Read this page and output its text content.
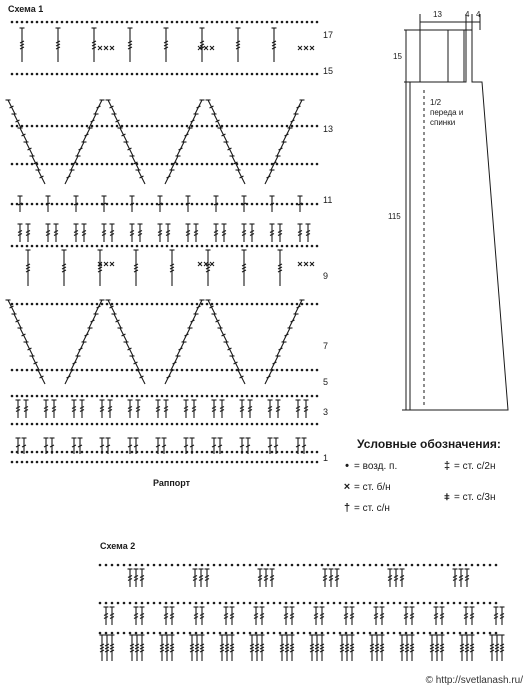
Схема 1
17
15
13
11
9
7
5
3
1
Раппорт
13	4 4
15
115
1/2
переда и
спинки
Условные обозначения:
• = возд. п.
× = ст. б/н
† = ст. с/н
‡ = ст. с/2н
⧧ = ст. с/3н
Схема 2
© http://svetlanash.ru/
